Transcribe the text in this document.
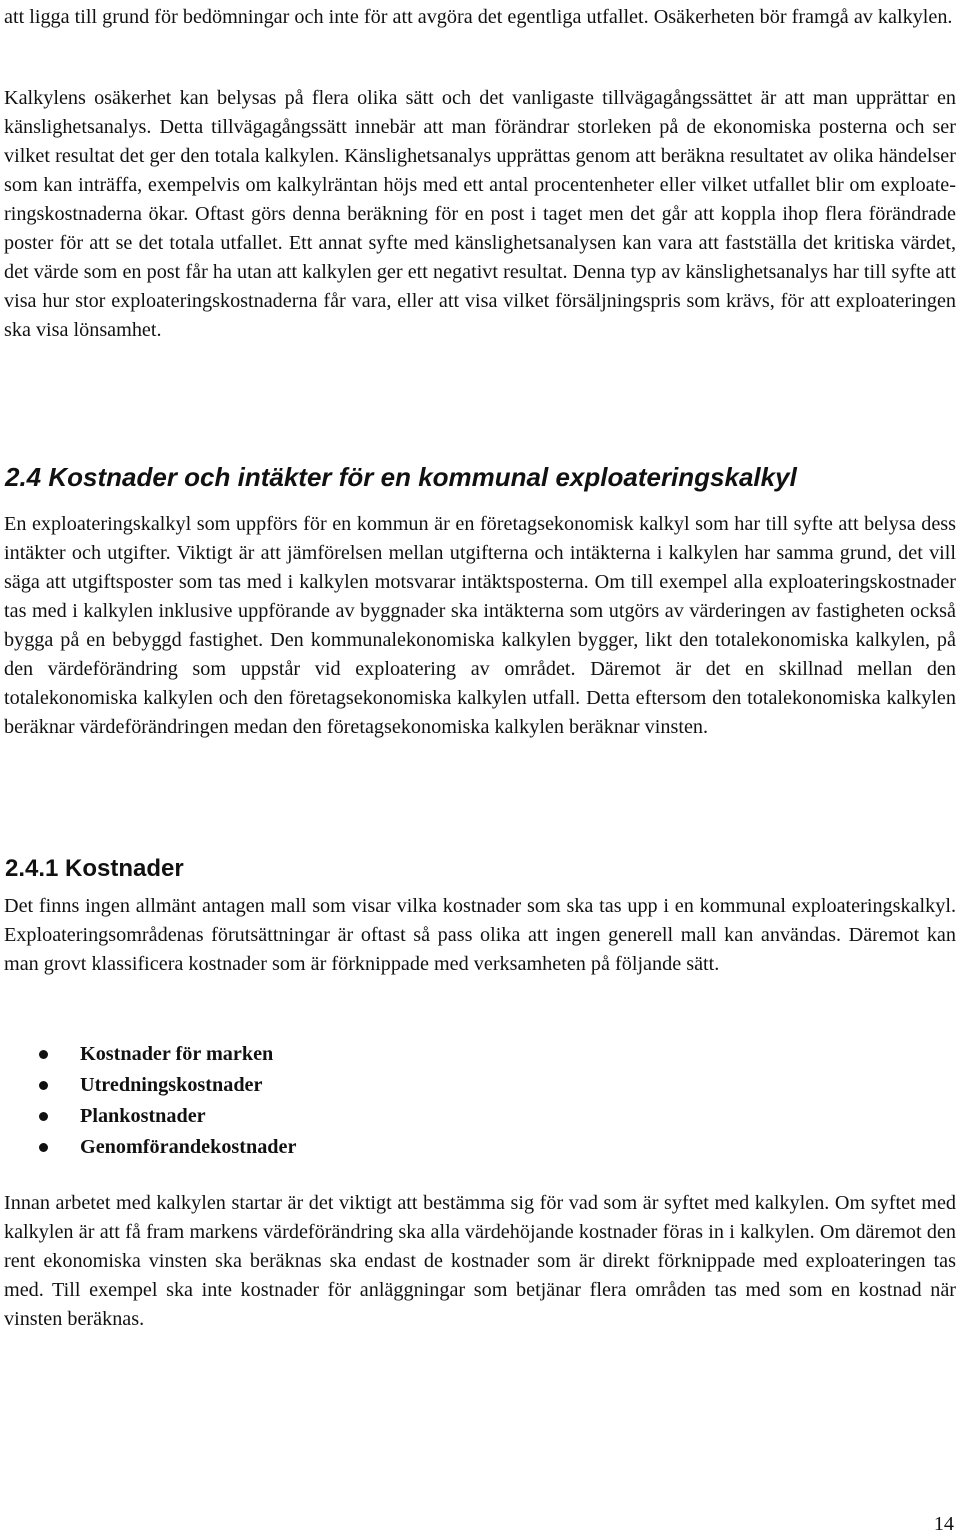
att ligga till grund för bedömningar och inte för att avgöra det egentliga utfallet. Osäkerheten bör framgå av kalkylen.

Kalkylens osäkerhet kan belysas på flera olika sätt och det vanligaste tillvägagångssättet är att man upprättar en känslighetsanalys. Detta tillvägagångssätt innebär att man förändrar storleken på de ekonomiska posterna och ser vilket resultat det ger den totala kalkylen. Känslighetsanalys upprättas genom att beräkna resultatet av olika händelser som kan inträffa, exempelvis om kalkylräntan höjs med ett antal procentenheter eller vilket utfallet blir om exploateringskostnaderna ökar. Oftast görs denna beräkning för en post i taget men det går att koppla ihop flera förändrade poster för att se det totala utfallet. Ett annat syfte med känslighetsanalysen kan vara att fastställa det kritiska värdet, det värde som en post får ha utan att kalkylen ger ett negativt resultat. Denna typ av känslighetsanalys har till syfte att visa hur stor exploateringskostnaderna får vara, eller att visa vilket försäljningspris som krävs, för att exploateringen ska visa lönsamhet.

2.4 Kostnader och intäkter för en kommunal exploateringskalkyl

En exploateringskalkyl som uppförs för en kommun är en företagsekonomisk kalkyl som har till syfte att belysa dess intäkter och utgifter. Viktigt är att jämförelsen mellan utgifterna och intäkterna i kalkylen har samma grund, det vill säga att utgiftsposter som tas med i kalkylen motsvarar intäktsposterna. Om till exempel alla exploateringskostnader tas med i kalkylen inklusive uppförande av byggnader ska intäkterna som utgörs av värderingen av fastigheten också bygga på en bebyggd fastighet. Den kommunalekonomiska kalkylen bygger, likt den totalekonomiska kalkylen, på den värdeförändring som uppstår vid exploatering av området. Däremot är det en skillnad mellan den totalekonomiska kalkylen och den företagsekonomiska kalkylen utfall. Detta eftersom den totalekonomiska kalkylen beräknar värdeförändringen medan den företagsekonomiska kalkylen beräknar vinsten.

2.4.1 Kostnader

Det finns ingen allmänt antagen mall som visar vilka kostnader som ska tas upp i en kommunal exploateringskalkyl. Exploateringsområdenas förutsättningar är oftast så pass olika att ingen generell mall kan användas. Däremot kan man grovt klassificera kostnader som är förknippade med verksamheten på följande sätt.

Kostnader för marken
Utredningskostnader
Plankostnader
Genomförandekostnader

Innan arbetet med kalkylen startar är det viktigt att bestämma sig för vad som är syftet med kalkylen. Om syftet med kalkylen är att få fram markens värdeförändring ska alla värdehöjande kostnader föras in i kalkylen. Om däremot den rent ekonomiska vinsten ska beräknas ska endast de kostnader som är direkt förknippade med exploateringen tas med. Till exempel ska inte kostnader för anläggningar som betjänar flera områden tas med som en kostnad när vinsten beräknas.

14
